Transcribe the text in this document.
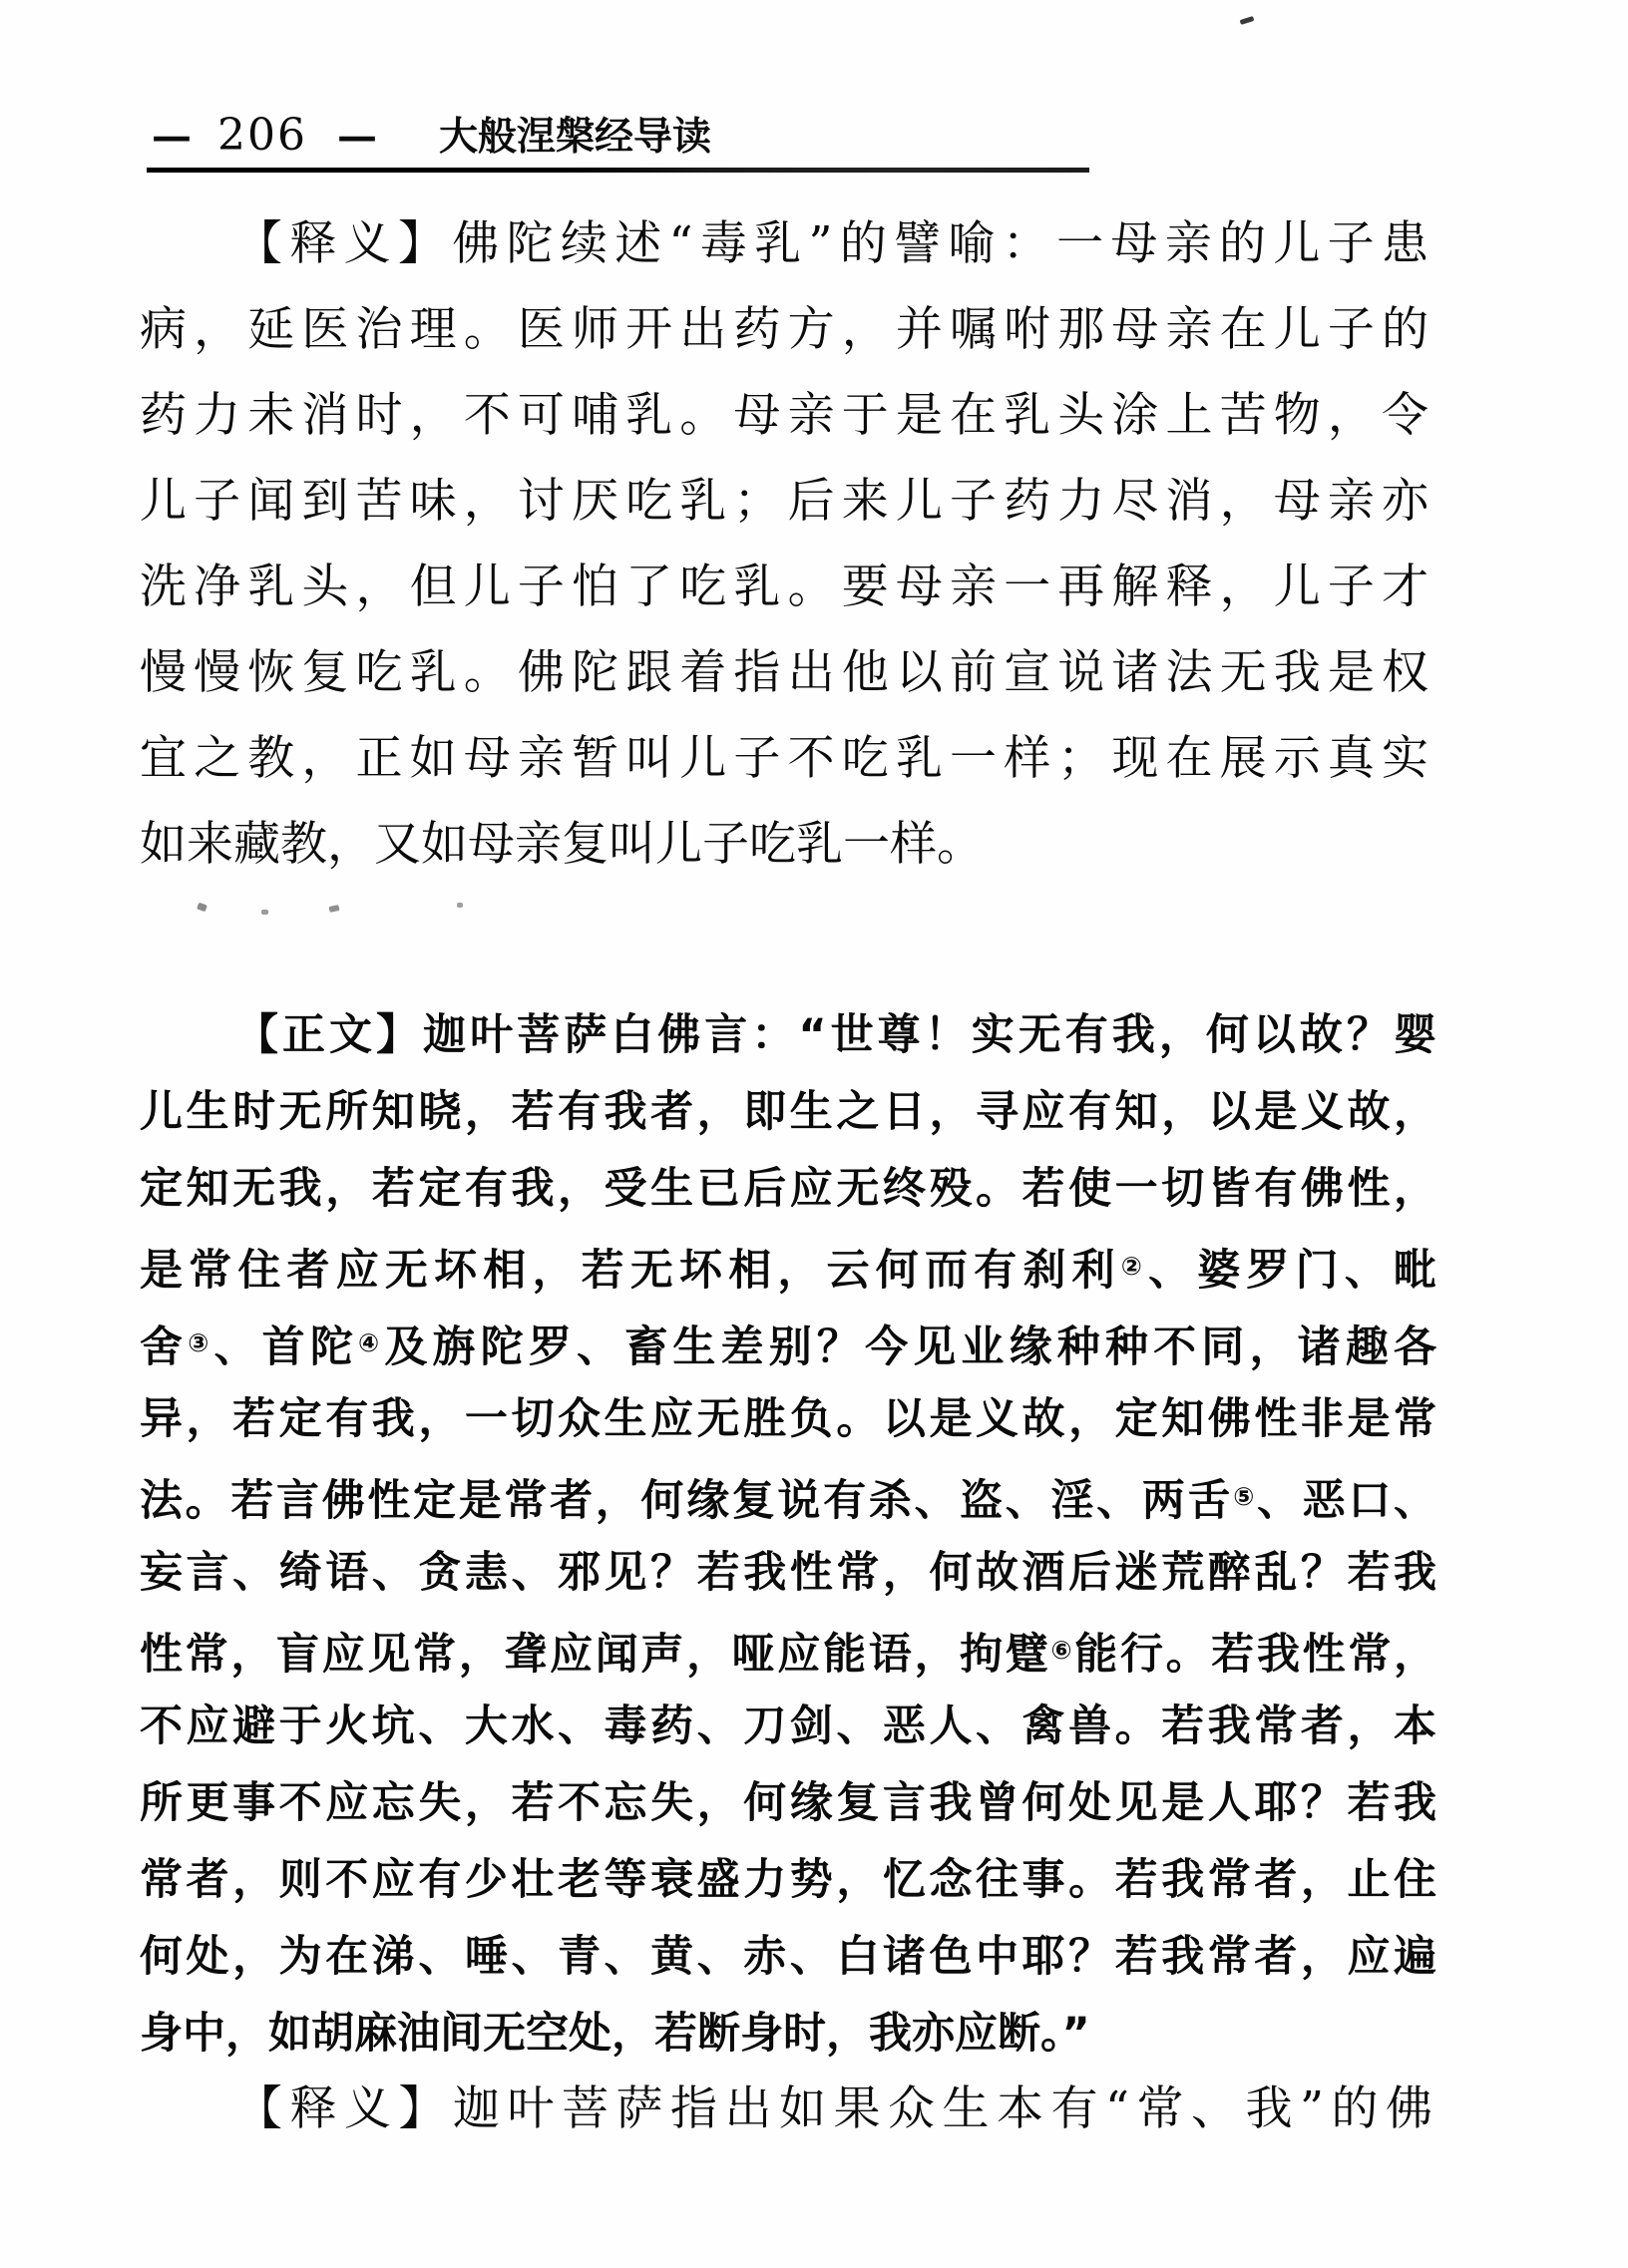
— 206 — 大般涅槃经导读
【释义】佛陀续述“毒乳”的譬喻：一母亲的儿子患
病，延医治理。医师开出药方，并嘱咐那母亲在儿子的
药力未消时，不可哺乳。母亲于是在乳头涂上苦物，令
儿子闻到苦味，讨厌吃乳；后来儿子药力尽消，母亲亦
洗净乳头，但儿子怕了吃乳。要母亲一再解释，儿子才
慢慢恢复吃乳。佛陀跟着指出他以前宣说诸法无我是权
宜之教，正如母亲暂叫儿子不吃乳一样；现在展示真实
如来藏教，又如母亲复叫儿子吃乳一样。
【正文】迦叶菩萨白佛言：“世尊！实无有我，何以故？婴
儿生时无所知晓，若有我者，即生之日，寻应有知，以是义故，
定知无我，若定有我，受生已后应无终殁。若使一切皆有佛性，
是常住者应无坏相，若无坏相，云何而有刹利②、婆罗门、毗
舍③、首陀④及旃陀罗、畜生差别？今见业缘种种不同，诸趣各
异，若定有我，一切众生应无胜负。以是义故，定知佛性非是常
法。若言佛性定是常者，何缘复说有杀、盗、淫、两舌⑤、恶口、
妄言、绮语、贪恚、邪见？若我性常，何故酒后迷荒醉乱？若我
性常，盲应见常，聋应闻声，哑应能语，拘躄⑥能行。若我性常，
不应避于火坑、大水、毒药、刀剑、恶人、禽兽。若我常者，本
所更事不应忘失，若不忘失，何缘复言我曾何处见是人耶？若我
常者，则不应有少壮老等衰盛力势，忆念往事。若我常者，止住
何处，为在涕、唾、青、黄、赤、白诸色中耶？若我常者，应遍
身中，如胡麻油间无空处，若断身时，我亦应断。”
【释义】迦叶菩萨指出如果众生本有“常、我”的佛
